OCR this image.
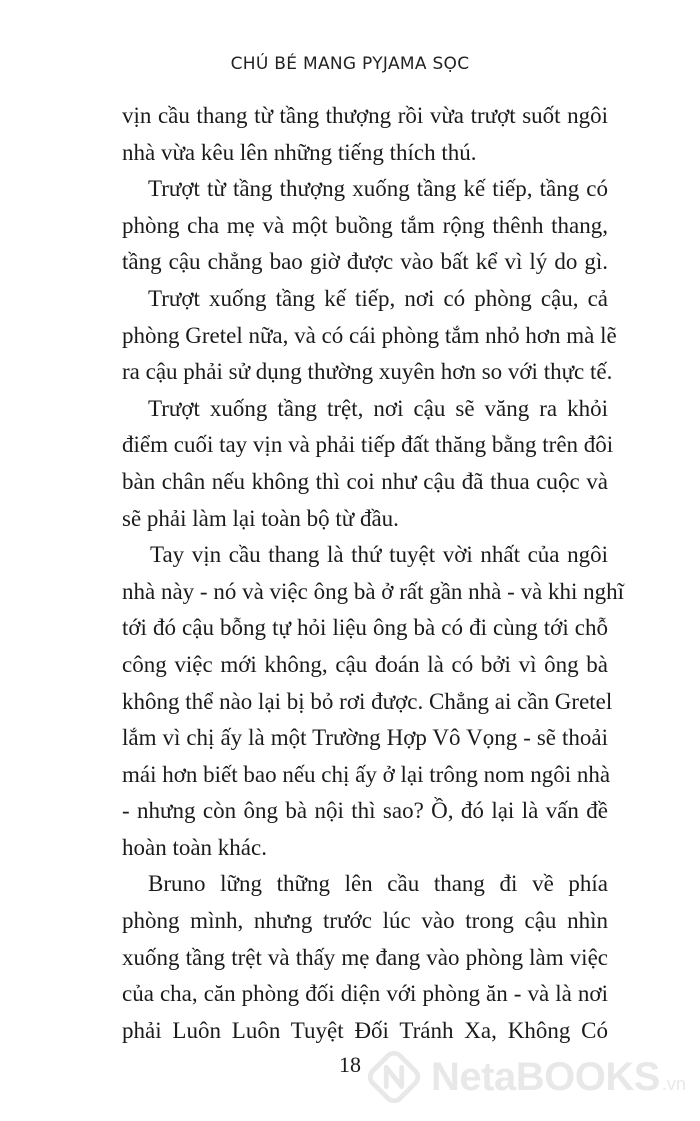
CHÚ BÉ MANG PYJAMA SỌC
vịn cầu thang từ tầng thượng rồi vừa trượt suốt ngôi
nhà vừa kêu lên những tiếng thích thú.
Trượt từ tầng thượng xuống tầng kế tiếp, tầng có
phòng cha mẹ và một buồng tắm rộng thênh thang,
tầng cậu chẳng bao giờ được vào bất kể vì lý do gì.
Trượt xuống tầng kế tiếp, nơi có phòng cậu, cả
phòng Gretel nữa, và có cái phòng tắm nhỏ hơn mà lẽ
ra cậu phải sử dụng thường xuyên hơn so với thực tế.
Trượt xuống tầng trệt, nơi cậu sẽ văng ra khỏi
điểm cuối tay vịn và phải tiếp đất thăng bằng trên đôi
bàn chân nếu không thì coi như cậu đã thua cuộc và
sẽ phải làm lại toàn bộ từ đầu.
Tay vịn cầu thang là thứ tuyệt vời nhất của ngôi
nhà này - nó và việc ông bà ở rất gần nhà - và khi nghĩ
tới đó cậu bỗng tự hỏi liệu ông bà có đi cùng tới chỗ
công việc mới không, cậu đoán là có bởi vì ông bà
không thể nào lại bị bỏ rơi được. Chẳng ai cần Gretel
lắm vì chị ấy là một Trường Hợp Vô Vọng - sẽ thoải
mái hơn biết bao nếu chị ấy ở lại trông nom ngôi nhà
- nhưng còn ông bà nội thì sao? Ồ, đó lại là vấn đề
hoàn toàn khác.
Bruno lững thững lên cầu thang đi về phía
phòng mình, nhưng trước lúc vào trong cậu nhìn
xuống tầng trệt và thấy mẹ đang vào phòng làm việc
của cha, căn phòng đối diện với phòng ăn - và là nơi
phải Luôn Luôn Tuyệt Đối Tránh Xa, Không Có
18	NetaBOOKS .vn
